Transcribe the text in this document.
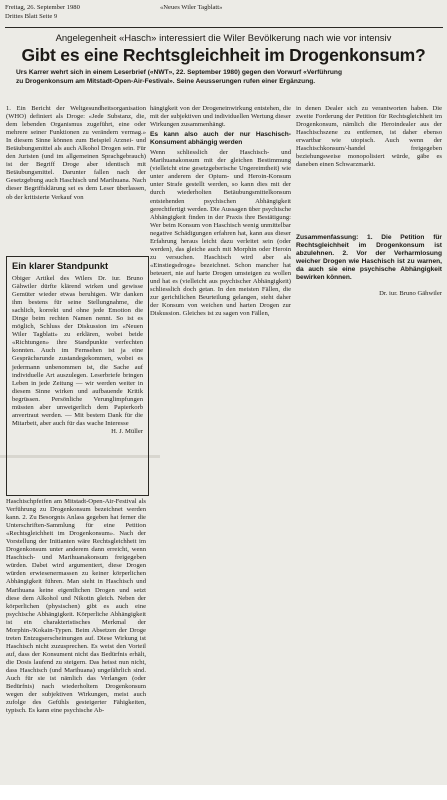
Freitag, 26. September 1980	«Neues Wiler Tagblatt»
Drittes Blatt Seite 9
Angelegenheit «Hasch» interessiert die Wiler Bevölkerung nach wie vor intensiv
Gibt es eine Rechtsgleichheit im Drogenkonsum?
Urs Karrer wehrt sich in einem Leserbrief («NWT», 22. September 1980) gegen den Vorwurf «Verführung zu Drogenkonsum am Mitstadt-Open-Air-Festival». Seine Aeusserungen rufen einer Ergänzung.

1. Ein Bericht der Weltgesundheitsorganisation (WHO) definiert als Droge: «Jede Substanz, die, dem lebenden Organismus zugeführt, eine oder mehrere seiner Funktionen zu verändern vermag.» In diesem Sinne können zum Beispiel Arznei- und Betäubungsmittel als auch Alkohol Drogen sein. Für den Juristen (und im allgemeinen Sprachgebrauch) ist der Begriff Droge aber identisch mit Betäubungsmittel. Darunter fallen nach der Gesetzgebung auch Haschisch und Marihuana. Nach dieser Begriffsklärung sei es dem Leser überlassen, ob der kritisierte Verkauf von

Ein klarer Standpunkt
Obiger Artikel des Wilers Dr. iur. Bruno Gähwiler dürfte klärend wirken und gewisse Gemüter wieder etwas beruhigen. Wir danken ihm bestens für seine Stellungnahme, die sachlich, korrekt und ohne jede Emotion die Dinge beim rechten Namen nennt. So ist es möglich, Schluss der Diskussion im «Neuen Wiler Tagblatt» zu erklären, wobei beide «Richtungen» ihre Standpunkte verfechten konnten. Auch im Fernsehen ist ja eine Gesprächsrunde zustandegekommen, wobei es jedermann unbenommen ist, die Sache auf individuelle Art auszulegen. Leserbriefe bringen Leben in jede Zeitung — wir werden weiter in diesem Sinne wirken und aufbauende Kritik begrüssen. Persönliche Verunglimpfungen müssten aber unweigerlich dem Papierkorb anvertraut werden. — Mit bestem Dank für die Mitarbeit, aber auch für das wache Interesse
H. J. Müller

Haschischpfeifen am Mitstadt-Open-Air-Festival als Verführung zu Drogenkonsum bezeichnet werden kann. 2. Zu Besorgnis Anlass gegeben hat ferner die Unterschriften-Sammlung für eine Petition «Rechtsgleichheit im Drogenkonsum». Nach der Vorstellung der Initianten wäre Rechtsgleichheit im Drogenkonsum unter anderem dann erreicht, wenn Haschisch- und Marihuanakonsum freigegeben würden. Dabei wird argumentiert, diese Drogen würden erwiesenermassen zu keiner körperlichen Abhängigkeit führen. Man sieht in Haschisch und Marihuana keine eigentlichen Drogen und setzt diese dem Alkohol und Nikotin gleich. Neben der körperlichen (physischen) gibt es auch eine psychische Abhängigkeit. Körperliche Abhängigkeit ist ein charakteristisches Merkmal der Morphin-/Kokain-Typen. Beim Absetzen der Droge treten Entzugserscheinungen auf. Diese Wirkung ist Haschisch nicht zuzusprechen. Es weist den Vorteil auf, dass der Konsument nicht das Bedürfnis erhält, die Dosis laufend zu steigern. Das heisst nun nicht, dass Haschisch (und Marihuana) ungefährlich sind. Auch für sie ist nämlich das Verlangen (oder Bedürfnis) nach wiederholtem Drogenkonsum wegen der subjektiven Wirkungen, meist auch zufolge des Gefühls gesteigerter Fähigkeiten, typisch. Es kann eine psychische Ab-

hängigkeit von der Drogeneinwirkung entstehen, die mit der subjektiven und individuellen Wertung dieser Wirkungen zusammenhängt.

Es kann also auch der nur Haschisch-Konsument abhängig werden

Wenn schliesslich der Haschisch- und Marihuanakonsum mit der gleichen Bestimmung (vielleicht eine gesetzgeberische Ungereimtheit) wie unter anderem der Opium- und Heroin-Konsum unter Strafe gestellt werden, so kann dies mit der durch wiederholten Betäubungsmittelkonsum entstehenden psychischen Abhängigkeit gerechtfertigt werden. Die Aussagen über psychische Abhängigkeit finden in der Praxis ihre Bestätigung: Wer beim Konsum von Haschisch wenig unmittelbar negative Schädigungen erfahren hat, kann aus dieser Erfahrung heraus leicht dazu verleitet sein (oder werden), das gleiche auch mit Morphin oder Heroin zu versuchen. Haschisch wird aber als «Einstiegsdroge» bezeichnet. Schon mancher hat beteuert, nie auf harte Drogen umsteigen zu wollen und hat es (vielleicht aus psychischer Abhängigkeit) schliesslich doch getan. In den meisten Fällen, die zur gerichtlichen Beurteilung gelangen, steht daher der Konsum von weichen und harten Drogen zur Diskussion. Gleiches ist zu sagen von Fällen,

in denen Dealer sich zu verantworten haben. Die zweite Forderung der Petition für Rechtsgleichheit im Drogenkonsum, nämlich die Heroindealer aus der Haschischszene zu entfernen, ist daher ebenso erwartbar wie utopisch. Auch wenn der Haschischkonsum/-handel freigegeben beziehungsweise monopolisiert würde, gäbe es daneben einen Schwarzmarkt.

Zusammenfassung: 1. Die Petition für Rechtsgleichheit im Drogenkonsum ist abzulehnen. 2. Vor der Verharmlosung weicher Drogen wie Haschisch ist zu warnen, da auch sie eine psychische Abhängigkeit bewirken können.
Dr. iur. Bruno Gähwiler
